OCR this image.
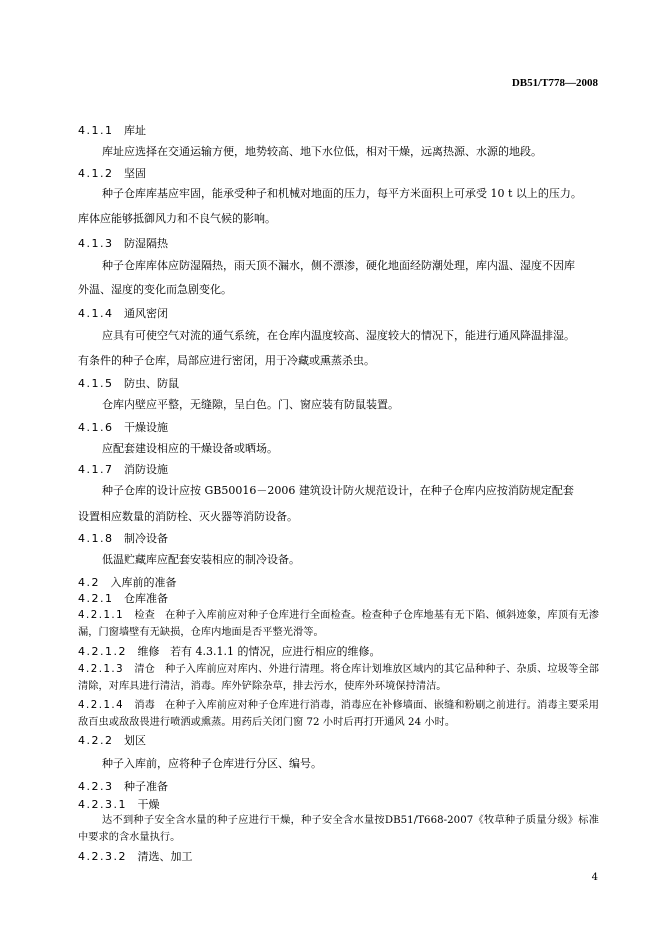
DB51/T778—2008
4.1.1 库址
库址应选择在交通运输方便，地势较高、地下水位低，相对干燥，远离热源、水源的地段。
4.1.2 坚固
种子仓库库基应牢固，能承受种子和机械对地面的压力，每平方米面积上可承受 10 t 以上的压力。
库体应能够抵御风力和不良气候的影响。
4.1.3 防湿隔热
种子仓库库体应防湿隔热，雨天顶不漏水，侧不漂渗，硬化地面经防潮处理，库内温、湿度不因库
外温、湿度的变化而急剧变化。
4.1.4 通风密闭
应具有可使空气对流的通气系统，在仓库内温度较高、湿度较大的情况下，能进行通风降温排湿。
有条件的种子仓库，局部应进行密闭，用于冷藏或熏蒸杀虫。
4.1.5 防虫、防鼠
仓库内壁应平整，无缝隙，呈白色。门、窗应装有防鼠装置。
4.1.6 干燥设施
应配套建设相应的干燥设备或晒场。
4.1.7 消防设施
种子仓库的设计应按 GB50016－2006 建筑设计防火规范设计，在种子仓库内应按消防规定配套
设置相应数量的消防栓、灭火器等消防设备。
4.1.8 制冷设备
低温贮藏库应配套安装相应的制冷设备。
4.2 入库前的准备
4.2.1 仓库准备
4.2.1.1 检查 在种子入库前应对种子仓库进行全面检查。检查种子仓库地基有无下陷、倾斜迹象，库顶有无渗漏，门窗墙壁有无缺损，仓库内地面是否平整光滑等。
4.2.1.2 维修 若有 4.3.1.1 的情况，应进行相应的维修。
4.2.1.3 清仓 种子入库前应对库内、外进行清理。将仓库计划堆放区域内的其它品种种子、杂质、垃圾等全部清除，对库具进行清洁，消毒。库外铲除杂草，排去污水，使库外环境保持清洁。
4.2.1.4 消毒 在种子入库前应对种子仓库进行消毒，消毒应在补修墙面、嵌缝和粉刷之前进行。消毒主要采用敌百虫或敌敌畏进行喷洒或熏蒸。用药后关闭门窗 72 小时后再打开通风 24 小时。
4.2.2 划区
种子入库前，应将种子仓库进行分区、编号。
4.2.3 种子准备
4.2.3.1 干燥
达不到种子安全含水量的种子应进行干燥，种子安全含水量按DB51/T668-2007《牧草种子质量分级》标准中要求的含水量执行。
4.2.3.2 清选、加工
4
